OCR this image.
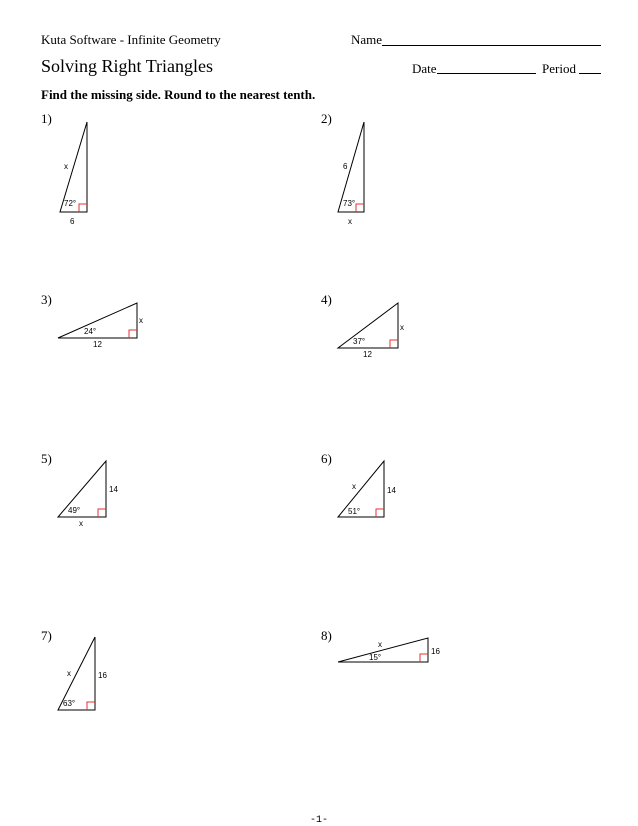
Kuta Software - Infinite Geometry	Name
Solving Right Triangles	Date	Period
Find the missing side. Round to the nearest tenth.
1)	2)
3)	4)
5)	6)
7)	8)
x
72°
6
6
73°
x
x
24°
12
x
37°
12
14
49°
x
x	14
51°
x	16
63°
x
16
15°
-1-
